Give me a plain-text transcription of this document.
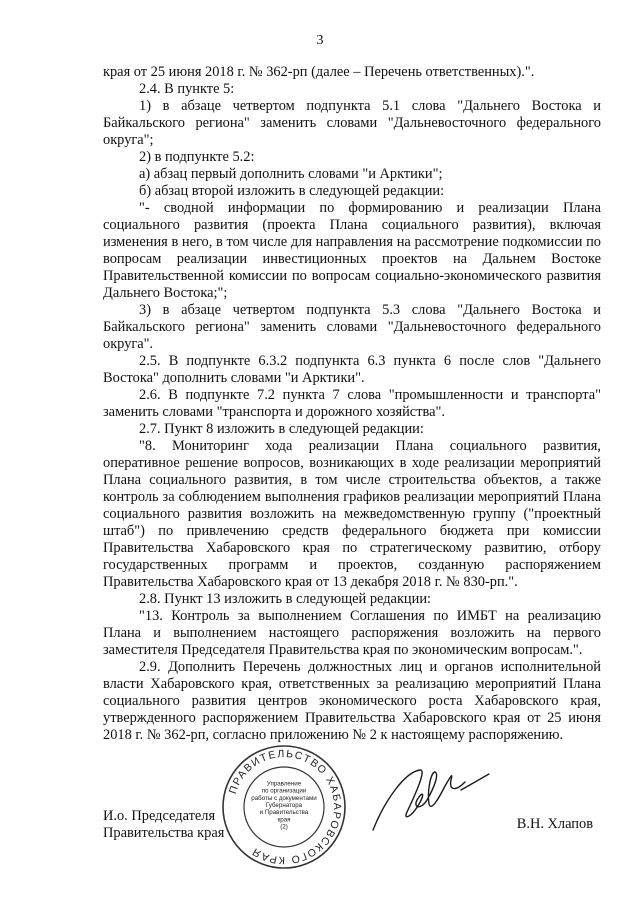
3

края от 25 июня 2018 г. № 362-рп (далее – Перечень ответственных).".

2.4. В пункте 5:

1) в абзаце четвертом подпункта 5.1 слова "Дальнего Востока и Байкальского региона" заменить словами "Дальневосточного федерального округа";

2) в подпункте 5.2:

а) абзац первый дополнить словами "и Арктики";

б) абзац второй изложить в следующей редакции:

"- сводной информации по формированию и реализации Плана социального развития (проекта Плана социального развития), включая изменения в него, в том числе для направления на рассмотрение подкомиссии по вопросам реализации инвестиционных проектов на Дальнем Востоке Правительственной комиссии по вопросам социально-экономического развития Дальнего Востока;";

3) в абзаце четвертом подпункта 5.3 слова "Дальнего Востока и Байкальского региона" заменить словами "Дальневосточного федерального округа".

2.5. В подпункте 6.3.2 подпункта 6.3 пункта 6 после слов "Дальнего Востока" дополнить словами "и Арктики".

2.6. В подпункте 7.2 пункта 7 слова "промышленности и транспорта" заменить словами "транспорта и дорожного хозяйства".

2.7. Пункт 8 изложить в следующей редакции:

"8. Мониторинг хода реализации Плана социального развития, оперативное решение вопросов, возникающих в ходе реализации мероприятий Плана социального развития, в том числе строительства объектов, а также контроль за соблюдением выполнения графиков реализации мероприятий Плана социального развития возложить на межведомственную группу ("проектный штаб") по привлечению средств федерального бюджета при комиссии Правительства Хабаровского края по стратегическому развитию, отбору государственных программ и проектов, созданную распоряжением Правительства Хабаровского края от 13 декабря 2018 г. № 830-рп.".

2.8. Пункт 13 изложить в следующей редакции:

"13. Контроль за выполнением Соглашения по ИМБТ на реализацию Плана и выполнением настоящего распоряжения возложить на первого заместителя Председателя Правительства края по экономическим вопросам.".

2.9. Дополнить Перечень должностных лиц и органов исполнительной власти Хабаровского края, ответственных за реализацию мероприятий Плана социального развития центров экономического роста Хабаровского края, утвержденного распоряжением Правительства Хабаровского края от 25 июня 2018 г. № 362-рп, согласно приложению № 2 к настоящему распоряжению.

ПРАВИТЕЛЬСТВО ХАБАРОВСКОГО КРАЯ
Управление
по организации
работы с документами
Губернатора
и Правительства
края
(2)
И.о. Председателя
Правительства края
В.Н. Хлапов
